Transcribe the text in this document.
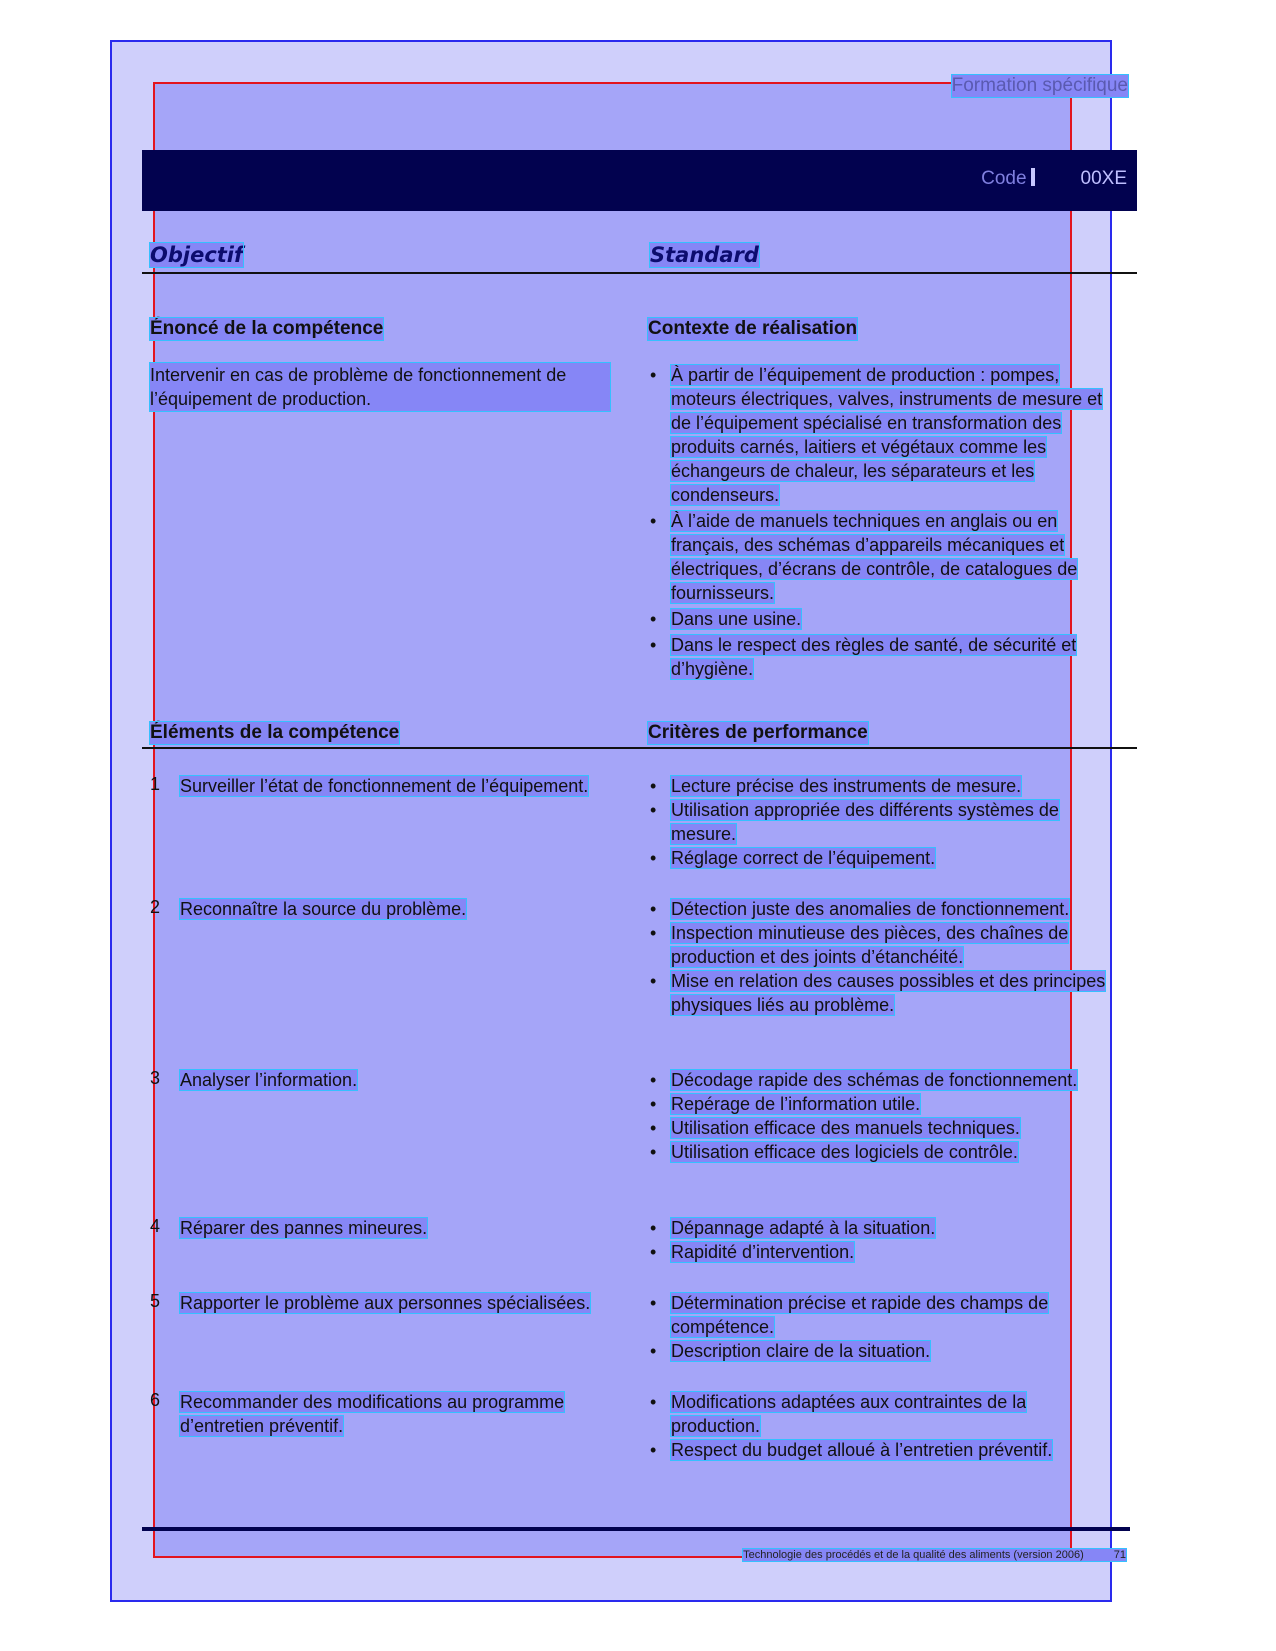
Formation spécifique
Code	00XE
Objectif	Standard
Énoncé de la compétence	Contexte de réalisation
Intervenir en cas de problème de fonctionnement de l’équipement de production.
• À partir de l’équipement de production : pompes, moteurs électriques, valves, instruments de mesure et de l’équipement spécialisé en transformation des produits carnés, laitiers et végétaux comme les échangeurs de chaleur, les séparateurs et les condenseurs.
• À l’aide de manuels techniques en anglais ou en français, des schémas d’appareils mécaniques et électriques, d’écrans de contrôle, de catalogues de fournisseurs.
• Dans une usine.
• Dans le respect des règles de santé, de sécurité et d’hygiène.
Éléments de la compétence	Critères de performance
1 Surveiller l’état de fonctionnement de l’équipement.	• Lecture précise des instruments de mesure.
• Utilisation appropriée des différents systèmes de mesure.
• Réglage correct de l’équipement.
2 Reconnaître la source du problème.	• Détection juste des anomalies de fonctionnement.
• Inspection minutieuse des pièces, des chaînes de production et des joints d’étanchéité.
• Mise en relation des causes possibles et des principes physiques liés au problème.
3 Analyser l’information.	• Décodage rapide des schémas de fonctionnement.
• Repérage de l’information utile.
• Utilisation efficace des manuels techniques.
• Utilisation efficace des logiciels de contrôle.
4 Réparer des pannes mineures.	• Dépannage adapté à la situation.
• Rapidité d’intervention.
5 Rapporter le problème aux personnes spécialisées.	• Détermination précise et rapide des champs de compétence.
• Description claire de la situation.
6 Recommander des modifications au programme d’entretien préventif.
• Modifications adaptées aux contraintes de la production.
• Respect du budget alloué à l’entretien préventif.
Technologie des procédés et de la qualité des aliments (version 2006)	71
